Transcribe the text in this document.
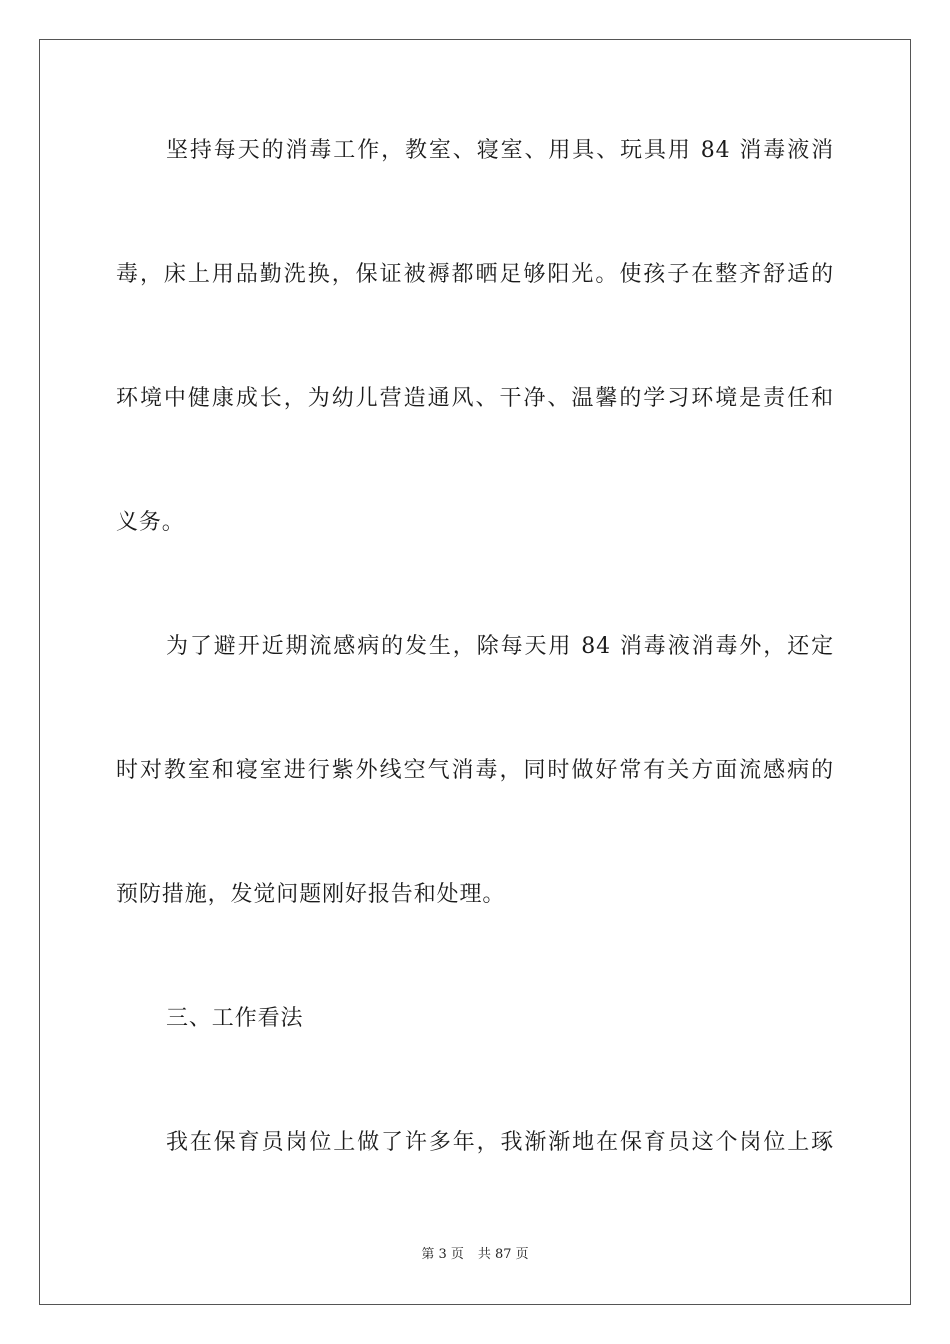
坚持每天的消毒工作，教室、寝室、用具、玩具用 84 消毒液消
毒，床上用品勤洗换，保证被褥都晒足够阳光。使孩子在整齐舒适的
环境中健康成长，为幼儿营造通风、干净、温馨的学习环境是责任和
义务。
为了避开近期流感病的发生，除每天用 84 消毒液消毒外，还定
时对教室和寝室进行紫外线空气消毒，同时做好常有关方面流感病的
预防措施，发觉问题刚好报告和处理。
三、工作看法
我在保育员岗位上做了许多年，我渐渐地在保育员这个岗位上琢
第 3 页 共 87 页
